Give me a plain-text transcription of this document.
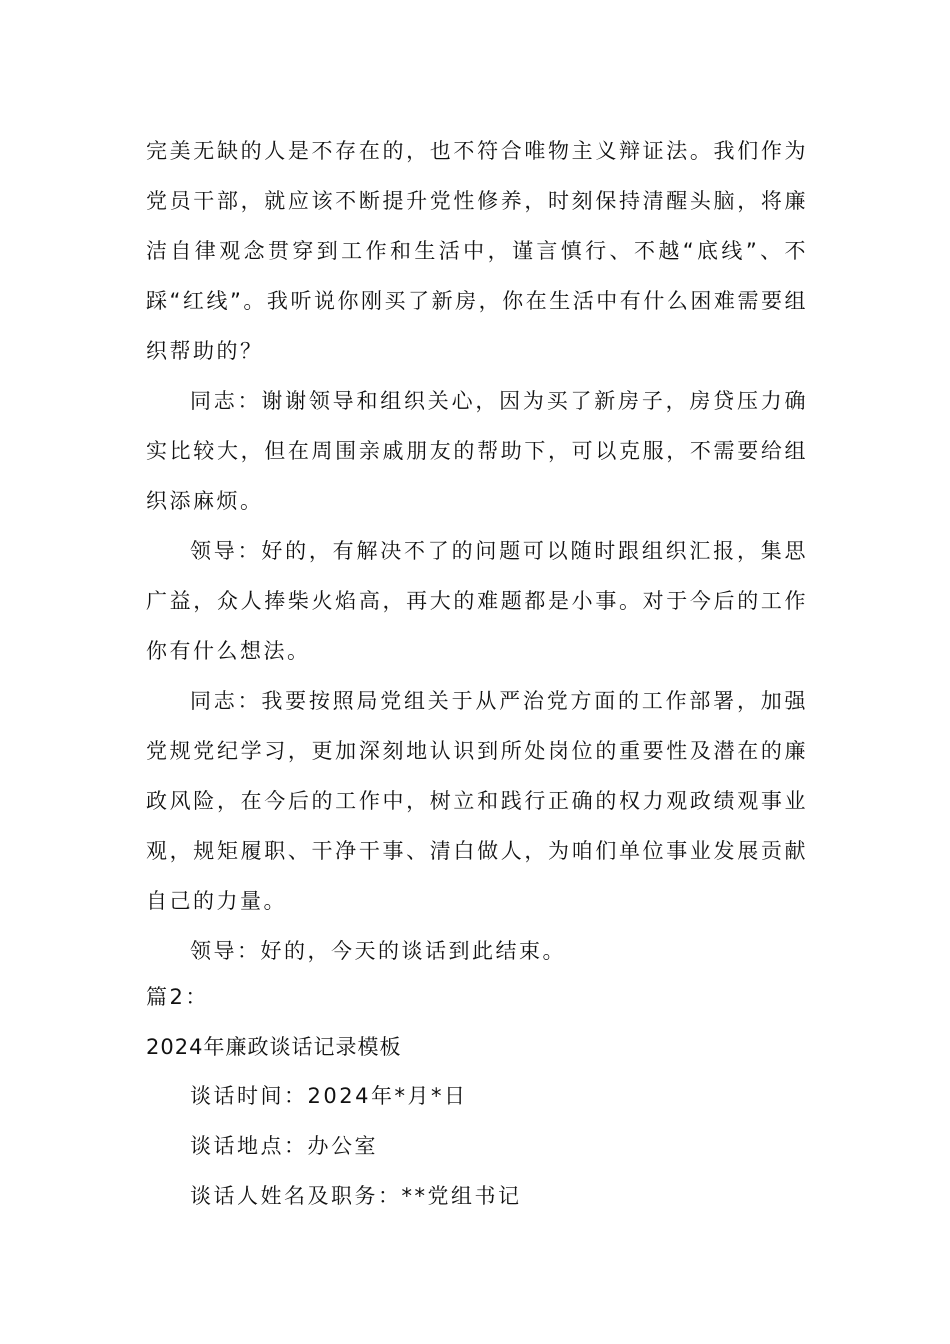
完美无缺的人是不存在的，也不符合唯物主义辩证法。我们作为党员干部，就应该不断提升党性修养，时刻保持清醒头脑，将廉洁自律观念贯穿到工作和生活中，谨言慎行、不越“底线”、不踩“红线”。我听说你刚买了新房，你在生活中有什么困难需要组织帮助的？
同志：谢谢领导和组织关心，因为买了新房子，房贷压力确实比较大，但在周围亲戚朋友的帮助下，可以克服，不需要给组织添麻烦。
领导：好的，有解决不了的问题可以随时跟组织汇报，集思广益，众人捧柴火焰高，再大的难题都是小事。对于今后的工作你有什么想法。
同志：我要按照局党组关于从严治党方面的工作部署，加强党规党纪学习，更加深刻地认识到所处岗位的重要性及潜在的廉政风险，在今后的工作中，树立和践行正确的权力观政绩观事业观，规矩履职、干净干事、清白做人，为咱们单位事业发展贡献自己的力量。
领导：好的，今天的谈话到此结束。
篇2：
2024年廉政谈话记录模板
谈话时间：2024年*月*日
谈话地点：办公室
谈话人姓名及职务：**党组书记
